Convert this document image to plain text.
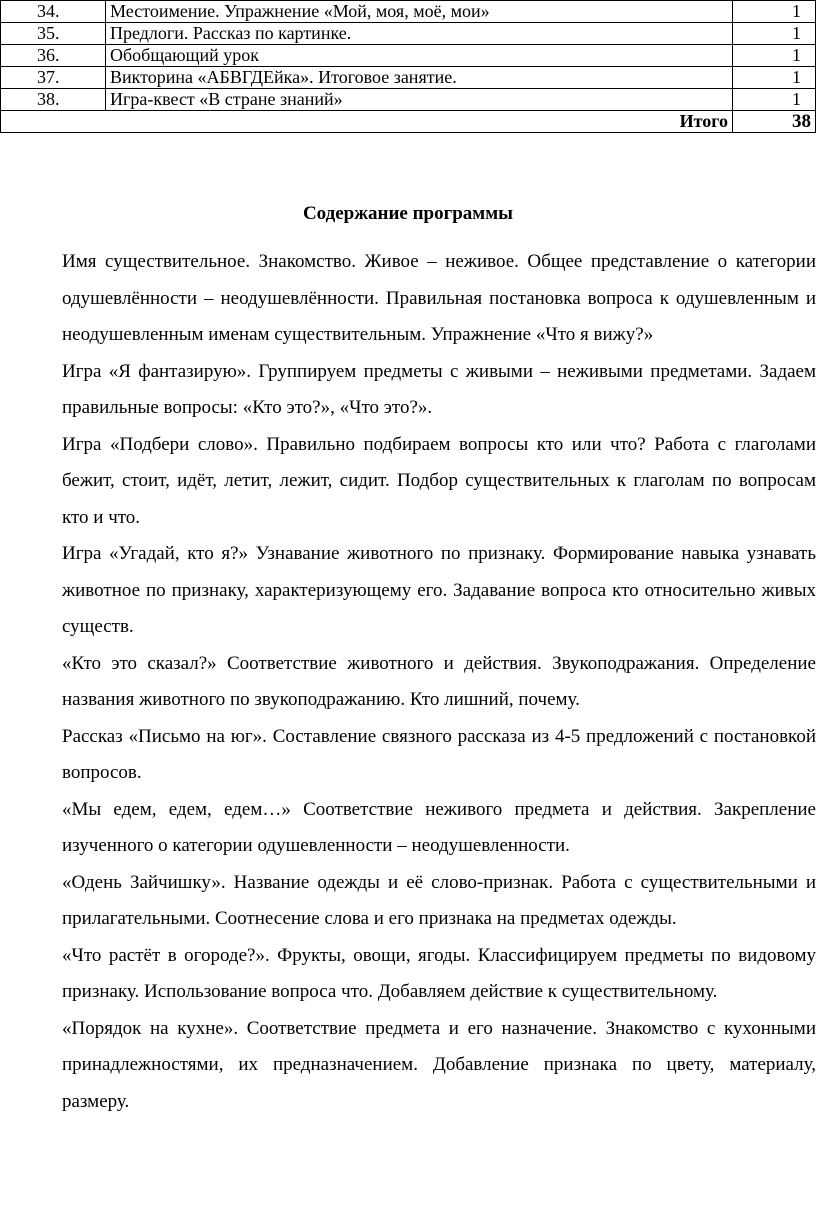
34.	Местоимение. Упражнение «Мой, моя, моё, мои»	1
35.	Предлоги. Рассказ по картинке.	1
36.	Обобщающий урок	1
37.	Викторина «АБВГДЕйка». Итоговое занятие.	1
38.	Игра-квест «В стране знаний»	1
Итого		38
Содержание программы

Имя существительное. Знакомство. Живое – неживое. Общее представление о категории одушевлённости – неодушевлённости. Правильная постановка вопроса к одушевленным и неодушевленным именам существительным. Упражнение «Что я вижу?»

Игра «Я фантазирую». Группируем предметы с живыми – неживыми предметами. Задаем правильные вопросы: «Кто это?», «Что это?».

Игра «Подбери слово». Правильно подбираем вопросы кто или что? Работа с глаголами бежит, стоит, идёт, летит, лежит, сидит. Подбор существительных к глаголам по вопросам кто и что.

Игра «Угадай, кто я?» Узнавание животного по признаку. Формирование навыка узнавать животное по признаку, характеризующему его. Задавание вопроса кто относительно живых существ.

«Кто это сказал?» Соответствие животного и действия. Звукоподражания. Определение названия животного по звукоподражанию. Кто лишний, почему.

Рассказ «Письмо на юг». Составление связного рассказа из 4-5 предложений с постановкой вопросов.

«Мы едем, едем, едем…» Соответствие неживого предмета и действия. Закрепление изученного о категории одушевленности – неодушевленности.

«Одень Зайчишку». Название одежды и её слово-признак. Работа с существительными и прилагательными. Соотнесение слова и его признака на предметах одежды.

«Что растёт в огороде?». Фрукты, овощи, ягоды. Классифицируем предметы по видовому признаку. Использование вопроса что. Добавляем действие к существительному.

«Порядок на кухне». Соответствие предмета и его назначение. Знакомство с кухонными принадлежностями, их предназначением. Добавление признака по цвету, материалу, размеру.
